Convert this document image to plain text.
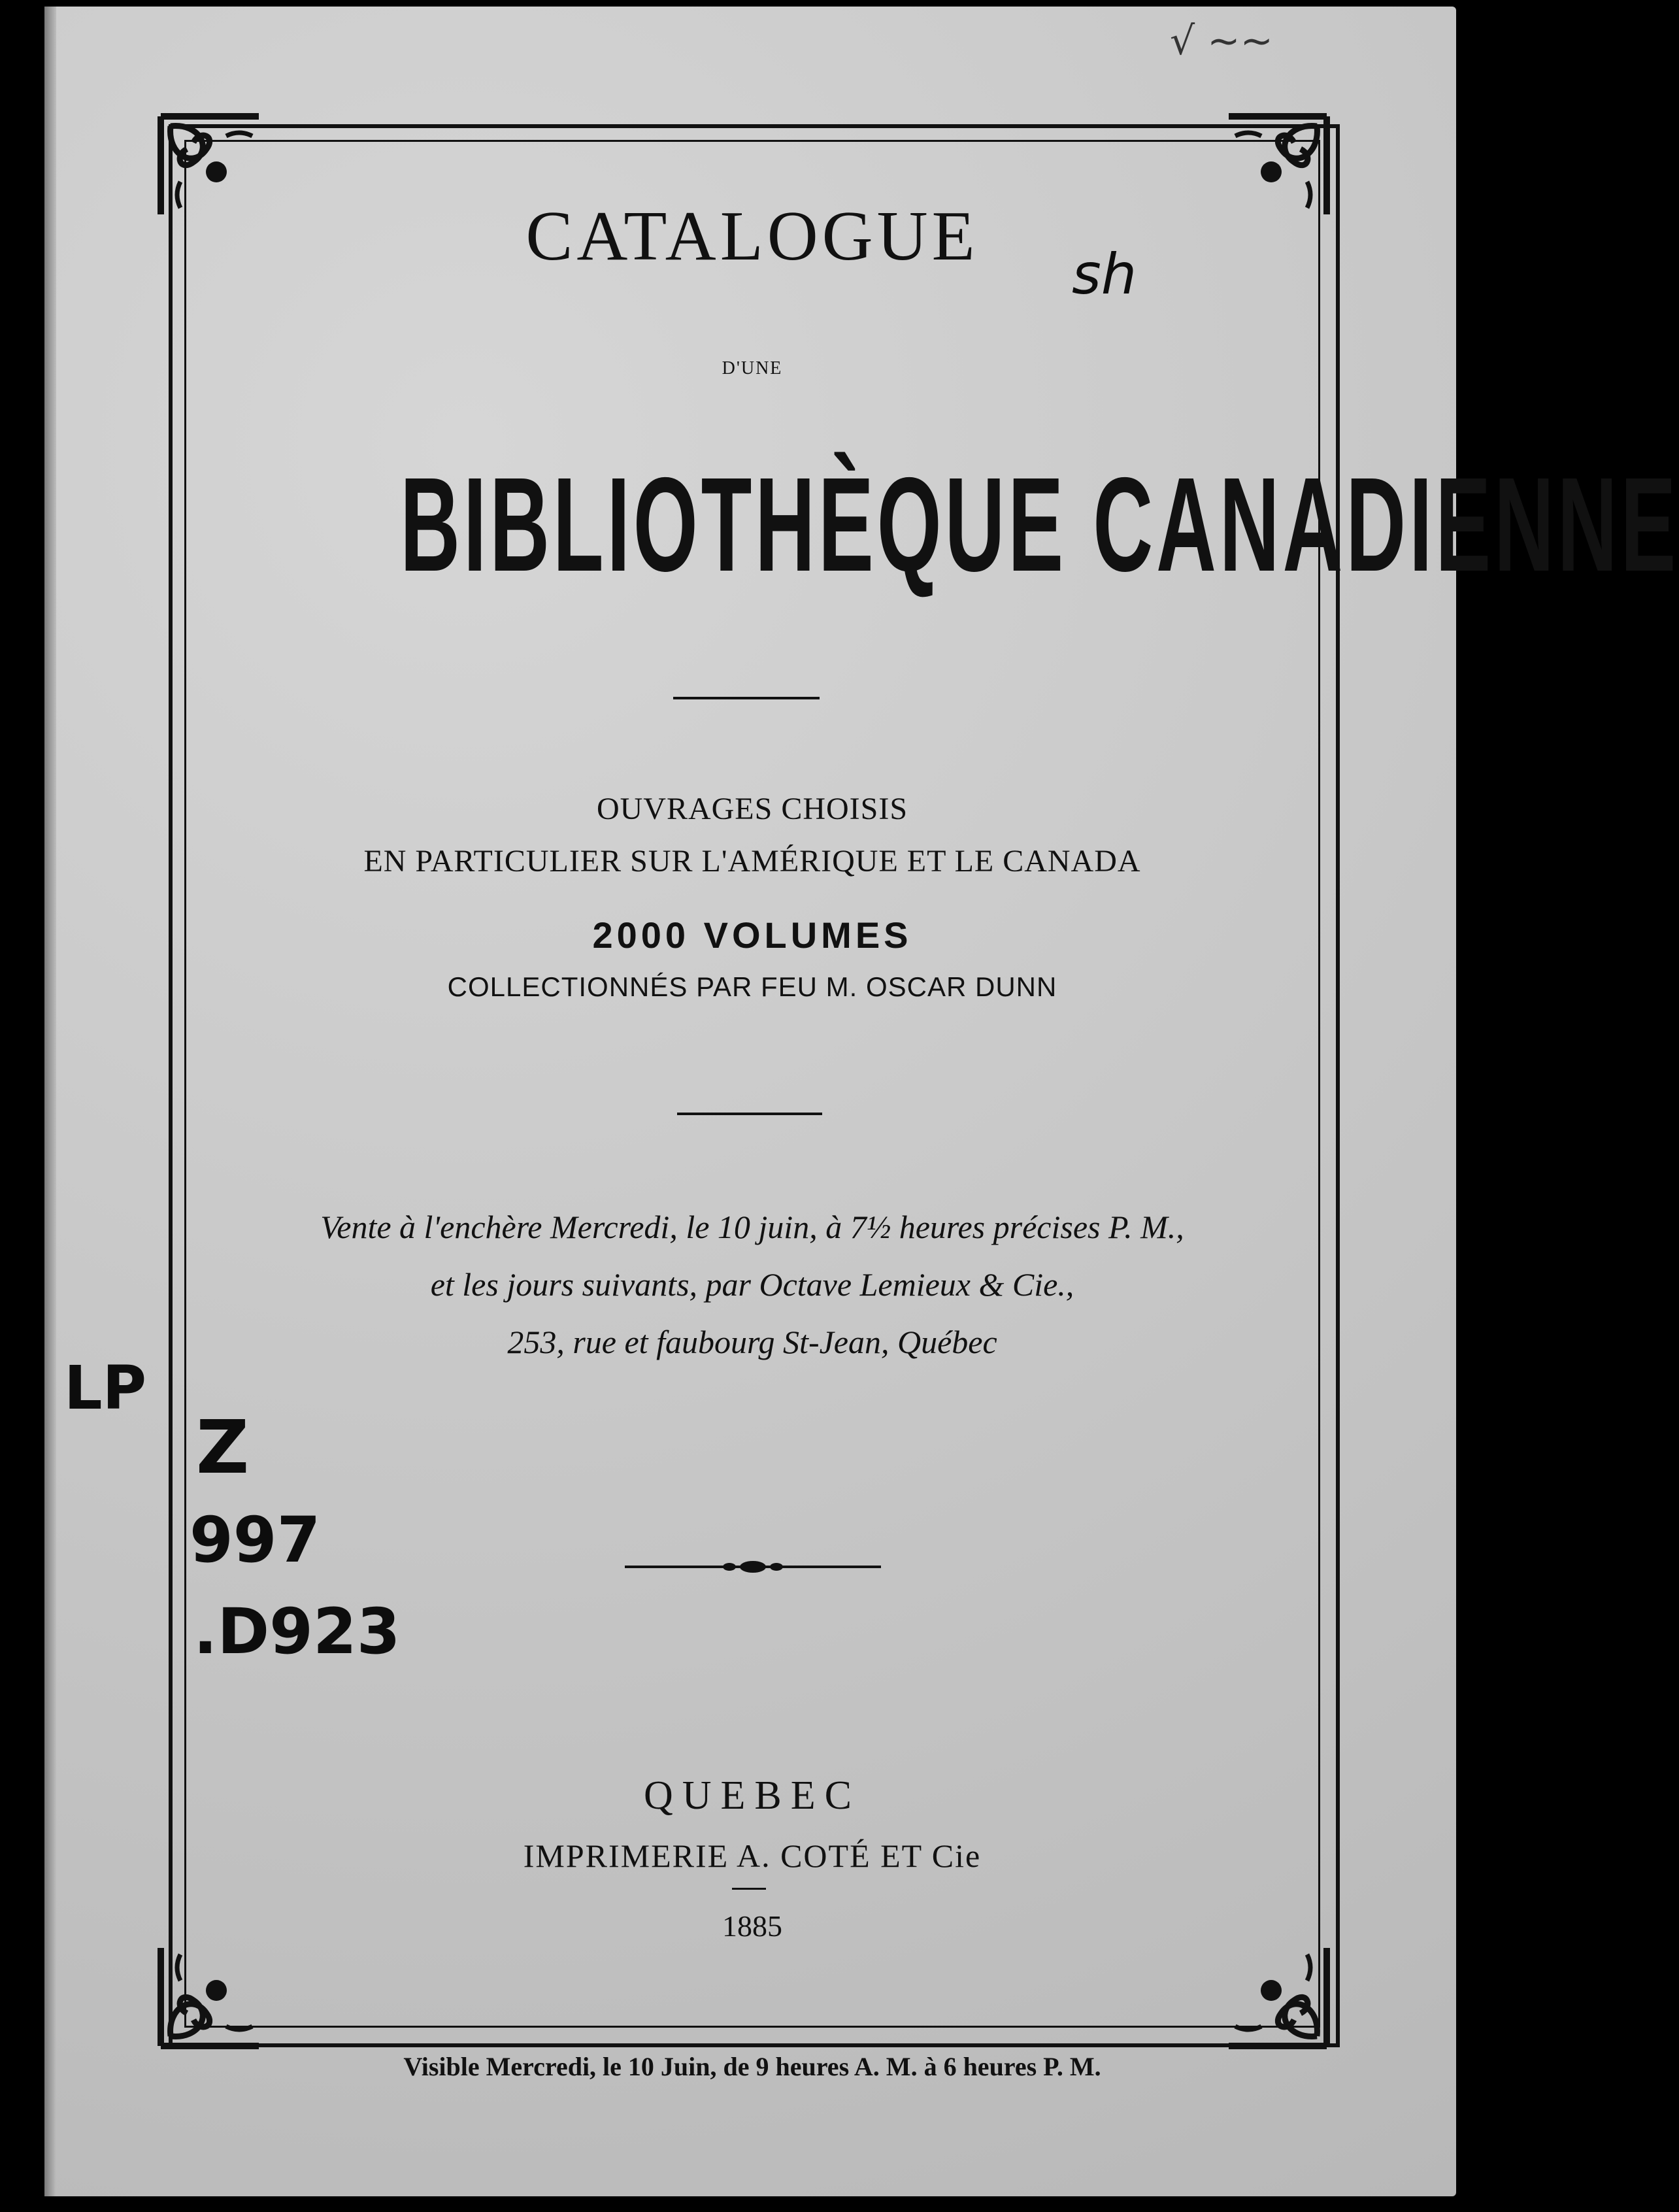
CATALOGUE
D'UNE
BIBLIOTHÈQUE CANADIENNE
OUVRAGES CHOISIS
EN PARTICULIER SUR L'AMÉRIQUE ET LE CANADA
2000 VOLUMES
COLLECTIONNÉS PAR FEU M. OSCAR DUNN
Vente à l'enchère Mercredi, le 10 juin, à 7½ heures précises P. M.,
et les jours suivants, par Octave Lemieux & Cie.,
253, rue et faubourg St-Jean, Québec
QUEBEC
IMPRIMERIE A. COTÉ ET Cie
1885
Visible Mercredi, le 10 Juin, de 9 heures A. M. à 6 heures P. M.
LP
Z
997
.D923
sh
√ ~~
